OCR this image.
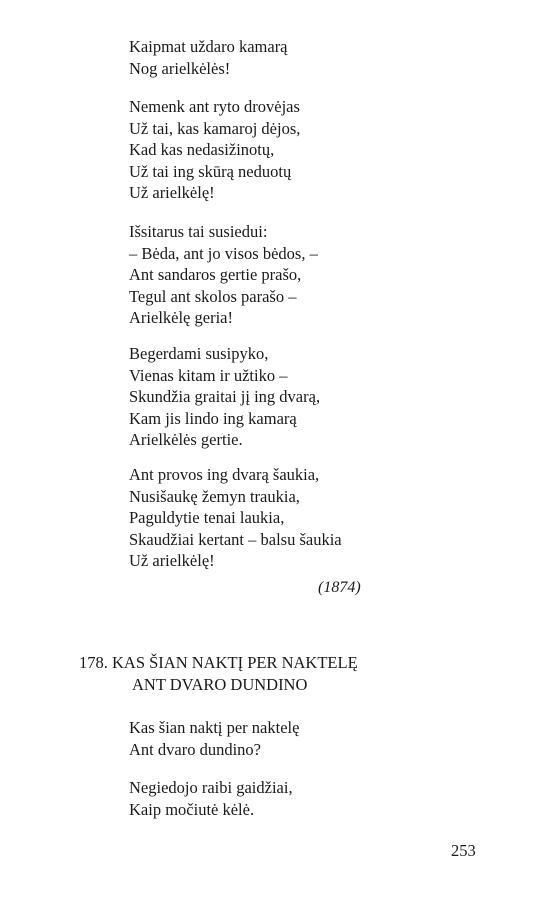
Kaipmat uždaro kamarą
Nog arielkėlės!
Nemenk ant ryto drovėjas
Už tai, kas kamaroj dėjos,
Kad kas nedasižinotų,
Už tai ing skūrą neduotų
Už arielkėlę!
Išsitarus tai susiedui:
– Bėda, ant jo visos bėdos, –
Ant sandaros gertie prašo,
Tegul ant skolos parašo –
Arielkėlę geria!
Begerdami susipyko,
Vienas kitam ir užtiko –
Skundžia graitai jį ing dvarą,
Kam jis lindo ing kamarą
Arielkėlės gertie.
Ant provos ing dvarą šaukia,
Nusišaukę žemyn traukia,
Paguldytie tenai laukia,
Skaudžiai kertant – balsu šaukia
Už arielkėlę!
(1874)
178. KAS ŠIAN NAKTĮ PER NAKTELĘ
ANT DVARO DUNDINO
Kas šian naktį per naktelę
Ant dvaro dundino?
Negiedojo raibi gaidžiai,
Kaip močiutė kėlė.
253
